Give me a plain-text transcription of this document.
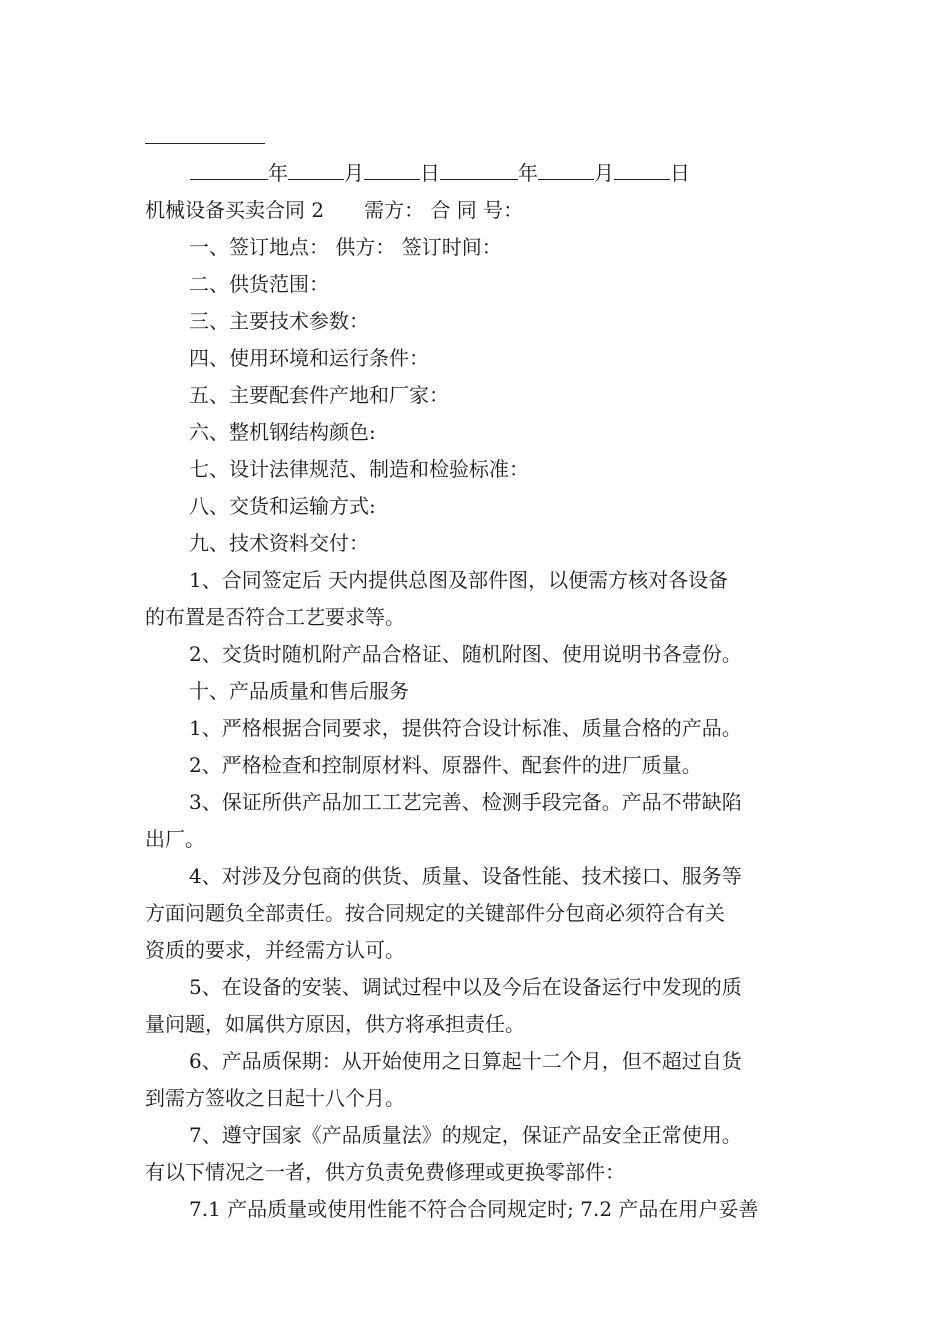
年	月	日	年	月	日

机械设备买卖合同 2 需方： 合 同 号：

一、签订地点： 供方： 签订时间：

二、供货范围：

三、主要技术参数：

四、使用环境和运行条件：

五、主要配套件产地和厂家：

六、整机钢结构颜色:

七、设计法律规范、制造和检验标准：

八、交货和运输方式:

九、技术资料交付：

1、合同签定后 天内提供总图及部件图，以便需方核对各设备

的布置是否符合工艺要求等。

2、交货时随机附产品合格证、随机附图、使用说明书各壹份。

十、产品质量和售后服务

1、严格根据合同要求，提供符合设计标准、质量合格的产品。

2、严格检查和控制原材料、原器件、配套件的进厂质量。

3、保证所供产品加工工艺完善、检测手段完备。产品不带缺陷

出厂。

4、对涉及分包商的供货、质量、设备性能、技术接口、服务等

方面问题负全部责任。按合同规定的关键部件分包商必须符合有关

资质的要求，并经需方认可。

5、在设备的安装、调试过程中以及今后在设备运行中发现的质

量问题，如属供方原因，供方将承担责任。

6、产品质保期：从开始使用之日算起十二个月，但不超过自货

到需方签收之日起十八个月。

7、遵守国家《产品质量法》的规定，保证产品安全正常使用。

有以下情况之一者，供方负责免费修理或更换零部件：

7.1 产品质量或使用性能不符合合同规定时; 7.2 产品在用户妥善
